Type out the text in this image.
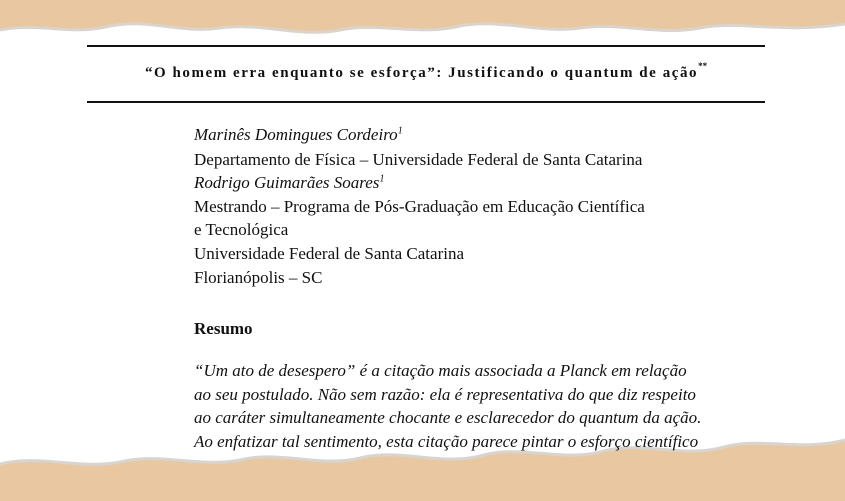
“O homem erra enquanto se esforça”: Justificando o quantum de ação**
Marinês Domingues Cordeiro$^1$
Departamento de Física – Universidade Federal de Santa Catarina
Rodrigo Guimarães Soares$^1$
Mestrando – Programa de Pós-Graduação em Educação Científica
e Tecnológica
Universidade Federal de Santa Catarina
Florianópolis – SC
Resumo
“Um ato de desespero” é a citação mais associada a Planck em relação
ao seu postulado. Não sem razão: ela é representativa do que diz respeito
ao caráter simultaneamente chocante e esclarecedor do quantum da ação.
Ao enfatizar tal sentimento, esta citação parece pintar o esforço científico
